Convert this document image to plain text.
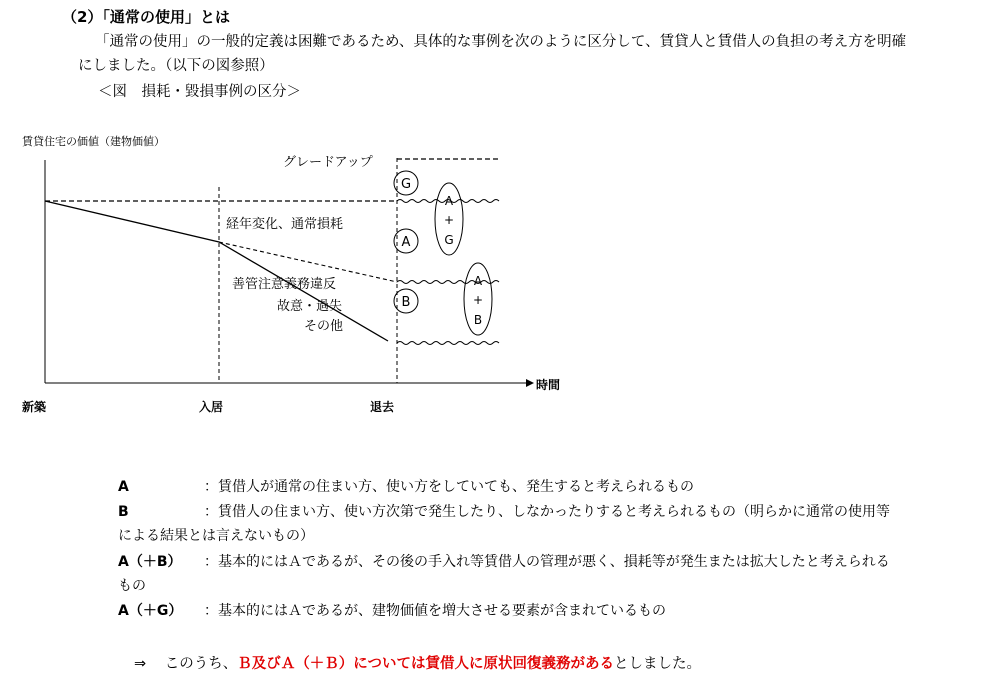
（2）「通常の使用」とは
「通常の使用」の一般的定義は困難であるため、具体的な事例を次のように区分して、賃貸人と賃借人の負担の考え方を明確
にしました。（以下の図参照）
＜図　損耗・毀損事例の区分＞
賃貸住宅の価値（建物価値）
G
A
B
A
+
G
A
+
B
グレードアップ
経年変化、通常損耗
善管注意義務違反
故意・過失
その他
時間
新築	入居	退去
A	：賃借人が通常の住まい方、使い方をしていても、発生すると考えられるもの
B	：賃借人の住まい方、使い方次第で発生したり、しなかったりすると考えられるもの（明らかに通常の使用等
による結果とは言えないもの）
A（＋B） ：基本的にはＡであるが、その後の手入れ等賃借人の管理が悪く、損耗等が発生または拡大したと考えられる
もの
A（＋G） ：基本的にはＡであるが、建物価値を増大させる要素が含まれているもの
⇒ このうち、Ｂ及びＡ（＋Ｂ）については賃借人に原状回復義務があるとしました。
